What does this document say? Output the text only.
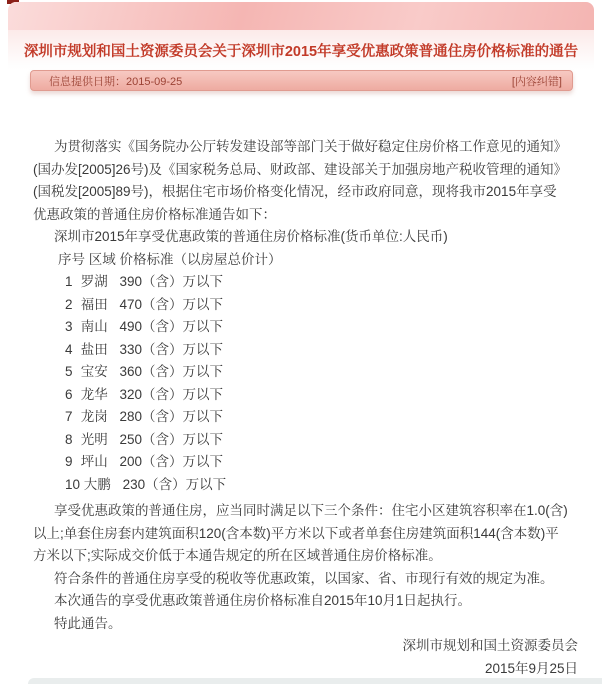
深圳市规划和国土资源委员会关于深圳市2015年享受优惠政策普通住房价格标准的通告
信息提供日期：2015-09-25	[内容纠错]

为贯彻落实《国务院办公厅转发建设部等部门关于做好稳定住房价格工作意见的通知》(国办发[2005]26号)及《国家税务总局、财政部、建设部关于加强房地产税收管理的通知》(国税发[2005]89号)，根据住宅市场价格变化情况，经市政府同意，现将我市2015年享受优惠政策的普通住房价格标准通告如下：

深圳市2015年享受优惠政策的普通住房价格标准(货币单位:人民币)

序号 区域 价格标准（以房屋总价计）

1 罗湖 390（含）万以下
2 福田 470（含）万以下
3 南山 490（含）万以下
4 盐田 330（含）万以下
5 宝安 360（含）万以下
6 龙华 320（含）万以下
7 龙岗 280（含）万以下
8 光明 250（含）万以下
9 坪山 200（含）万以下
10 大鹏 230（含）万以下

享受优惠政策的普通住房，应当同时满足以下三个条件：住宅小区建筑容积率在1.0(含)以上;单套住房套内建筑面积120(含本数)平方米以下或者单套住房建筑面积144(含本数)平方米以下;实际成交价低于本通告规定的所在区域普通住房价格标准。

符合条件的普通住房享受的税收等优惠政策，以国家、省、市现行有效的规定为准。

本次通告的享受优惠政策普通住房价格标准自2015年10月1日起执行。

特此通告。

深圳市规划和国土资源委员会

2015年9月25日
